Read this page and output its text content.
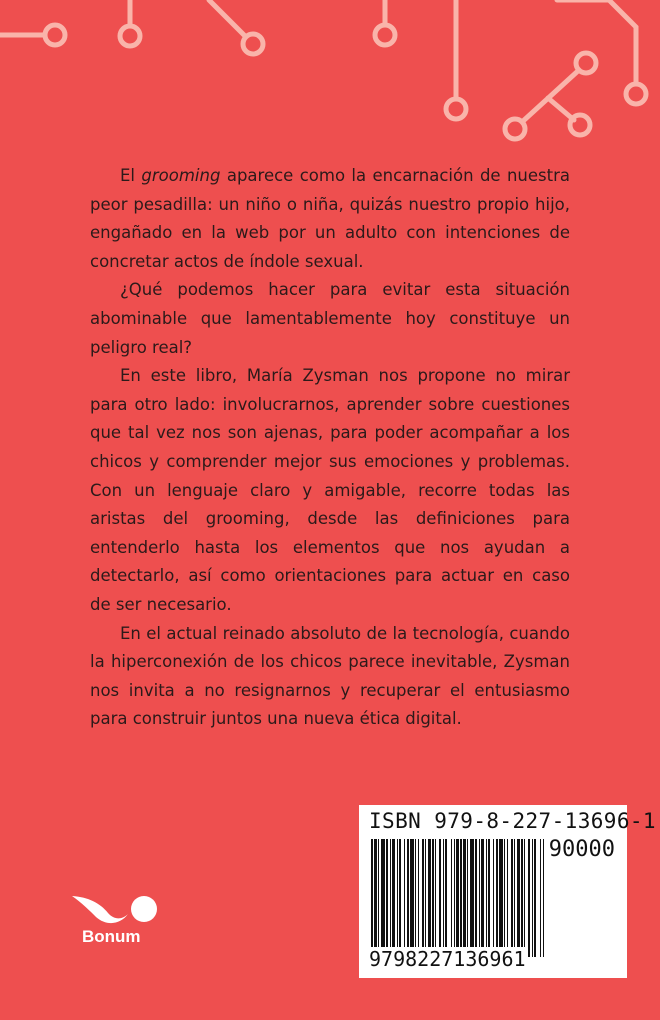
El grooming aparece como la encarnación de nuestra peor pesadilla: un niño o niña, quizás nuestro propio hijo, engañado en la web por un adulto con intenciones de concretar actos de índole sexual.

¿Qué podemos hacer para evitar esta situación abominable que lamentablemente hoy constituye un peligro real?

En este libro, María Zysman nos propone no mirar para otro lado: involucrarnos, aprender sobre cuestiones que tal vez nos son ajenas, para poder acompañar a los chicos y comprender mejor sus emociones y problemas. Con un lenguaje claro y amigable, recorre todas las aristas del grooming, desde las definiciones para entenderlo hasta los elementos que nos ayudan a detectarlo, así como orientaciones para actuar en caso de ser necesario.

En el actual reinado absoluto de la tecnología, cuando la hiperconexión de los chicos parece inevitable, Zysman nos invita a no resignarnos y recuperar el entusiasmo para construir juntos una nueva ética digital.

ISBN 979-8-227-13696-1
90000
9798227136961
Bonum
